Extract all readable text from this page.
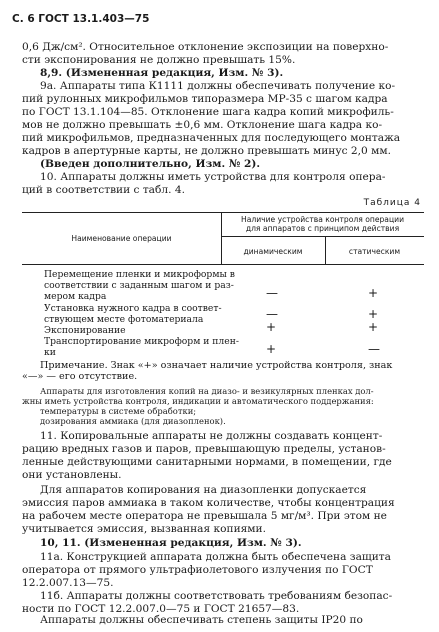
С. 6 ГОСТ 13.1.403—75
0,6 Дж/см². Относительное отклонение экспозиции на поверхно-
сти экспонирования не должно превышать 15%.
8,9. (Измененная редакция, Изм. № 3).
9а. Аппараты типа К1111 должны обеспечивать получение ко-
пий рулонных микрофильмов типоразмера МР-35 с шагом кадра
по ГОСТ 13.1.104—85. Отклонение шага кадра копий микрофиль-
мов не должно превышать ±0,6 мм. Отклонение шага кадра ко-
пий микрофильмов, предназначенных для последующего монтажа
кадров в апертурные карты, не должно превышать минус 2,0 мм.
(Введен дополнительно, Изм. № 2).
10. Аппараты должны иметь устройства для контроля опера-
ций в соответствии с табл. 4.
Таблица 4
Наименование операции
Наличие устройства контроля операции
для аппаратов с принципом действия
динамическим	статическим
Перемещение пленки и микроформы в
соответствии с заданным шагом и раз-
мером кадра	—	+
Установка нужного кадра в соответ-
ствующем месте фотоматериала	—	+
Экспонирование	+	+
Транспортирование микроформ и плен-
ки	+	—
Примечание. Знак «+» означает наличие устройства контроля, знак
«—» — его отсутствие.
Аппараты для изготовления копий на диазо- и везикулярных пленках дол-
жны иметь устройства контроля, индикации и автоматического поддержания:
температуры в системе обработки;
дозирования аммиака (для диазопленок).
11. Копировальные аппараты не должны создавать концент-
рацию вредных газов и паров, превышающую пределы, установ-
ленные действующими санитарными нормами, в помещении, где
они установлены.
Для аппаратов копирования на диазопленки допускается
эмиссия паров аммиака в таком количестве, чтобы концентрация
на рабочем месте оператора не превышала 5 мг/м³. При этом не
учитывается эмиссия, вызванная копиями.
10, 11. (Измененная редакция, Изм. № 3).
11а. Конструкцией аппарата должна быть обеспечена защита
оператора от прямого ультрафиолетового излучения по ГОСТ
12.2.007.13—75.
11б. Аппараты должны соответствовать требованиям безопас-
ности по ГОСТ 12.2.007.0—75 и ГОСТ 21657—83.
Аппараты должны обеспечивать степень защиты IP20 по
